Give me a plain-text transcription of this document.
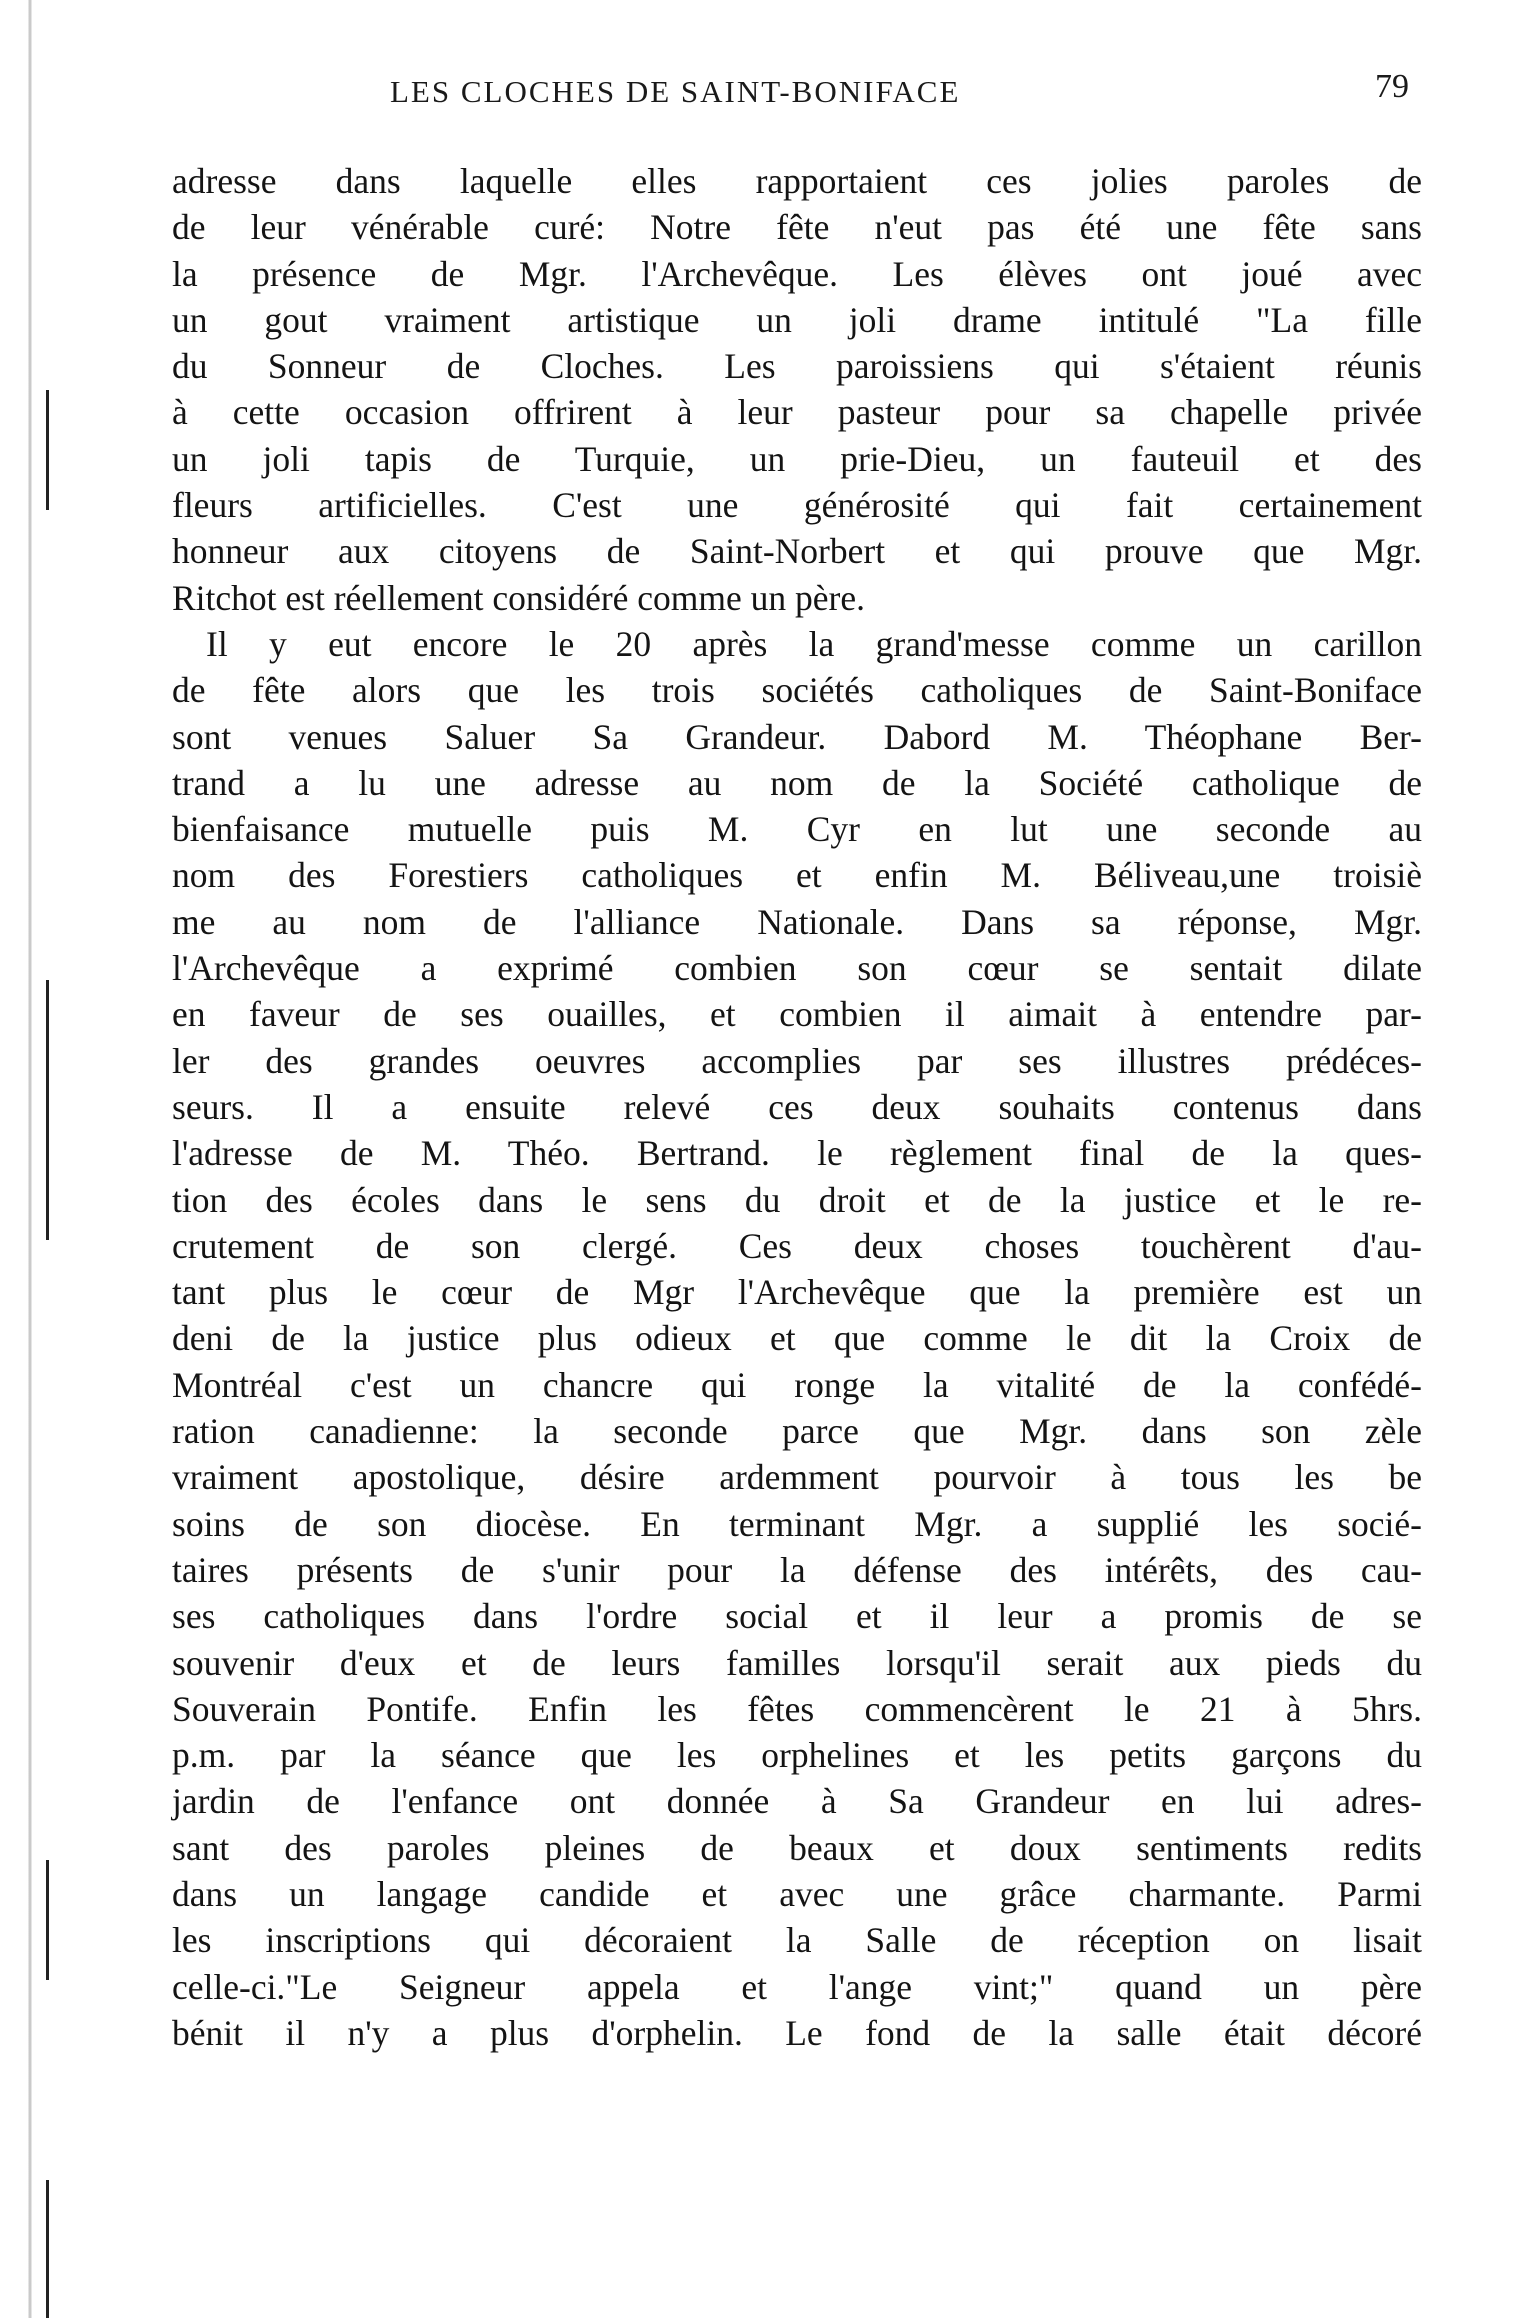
LES CLOCHES DE SAINT-BONIFACE	79
adresse dans laquelle elles rapportaient ces jolies paroles de
de leur vénérable curé: Notre fête n'eut pas été une fête sans
la présence de Mgr. l'Archevêque. Les élèves ont joué avec
un gout vraiment artistique un joli drame intitulé "La fille
du Sonneur de Cloches. Les paroissiens qui s'étaient réunis
à cette occasion offrirent à leur pasteur pour sa chapelle privée
un joli tapis de Turquie, un prie-Dieu, un fauteuil et des
fleurs artificielles. C'est une générosité qui fait certainement
honneur aux citoyens de Saint-Norbert et qui prouve que Mgr.
Ritchot est réellement considéré comme un père.
Il y eut encore le 20 après la grand'messe comme un carillon
de fête alors que les trois sociétés catholiques de Saint-Boniface
sont venues Saluer Sa Grandeur. Dabord M. Théophane Ber-
trand a lu une adresse au nom de la Société catholique de
bienfaisance mutuelle puis M. Cyr en lut une seconde au
nom des Forestiers catholiques et enfin M. Béliveau,une troisiè
me au nom de l'alliance Nationale. Dans sa réponse, Mgr.
l'Archevêque a exprimé combien son cœur se sentait dilate
en faveur de ses ouailles, et combien il aimait à entendre par-
ler des grandes oeuvres accomplies par ses illustres prédéces-
seurs. Il a ensuite relevé ces deux souhaits contenus dans
l'adresse de M. Théo. Bertrand. le règlement final de la ques-
tion des écoles dans le sens du droit et de la justice et le re-
crutement de son clergé. Ces deux choses touchèrent d'au-
tant plus le cœur de Mgr l'Archevêque que la première est un
deni de la justice plus odieux et que comme le dit la Croix de
Montréal c'est un chancre qui ronge la vitalité de la confédé-
ration canadienne: la seconde parce que Mgr. dans son zèle
vraiment apostolique, désire ardemment pourvoir à tous les be
soins de son diocèse. En terminant Mgr. a supplié les socié-
taires présents de s'unir pour la défense des intérêts, des cau-
ses catholiques dans l'ordre social et il leur a promis de se
souvenir d'eux et de leurs familles lorsqu'il serait aux pieds du
Souverain Pontife. Enfin les fêtes commencèrent le 21 à 5hrs.
p.m. par la séance que les orphelines et les petits garçons du
jardin de l'enfance ont donnée à Sa Grandeur en lui adres-
sant des paroles pleines de beaux et doux sentiments redits
dans un langage candide et avec une grâce charmante. Parmi
les inscriptions qui décoraient la Salle de réception on lisait
celle-ci."Le Seigneur appela et l'ange vint;" quand un père
bénit il n'y a plus d'orphelin. Le fond de la salle était décoré
